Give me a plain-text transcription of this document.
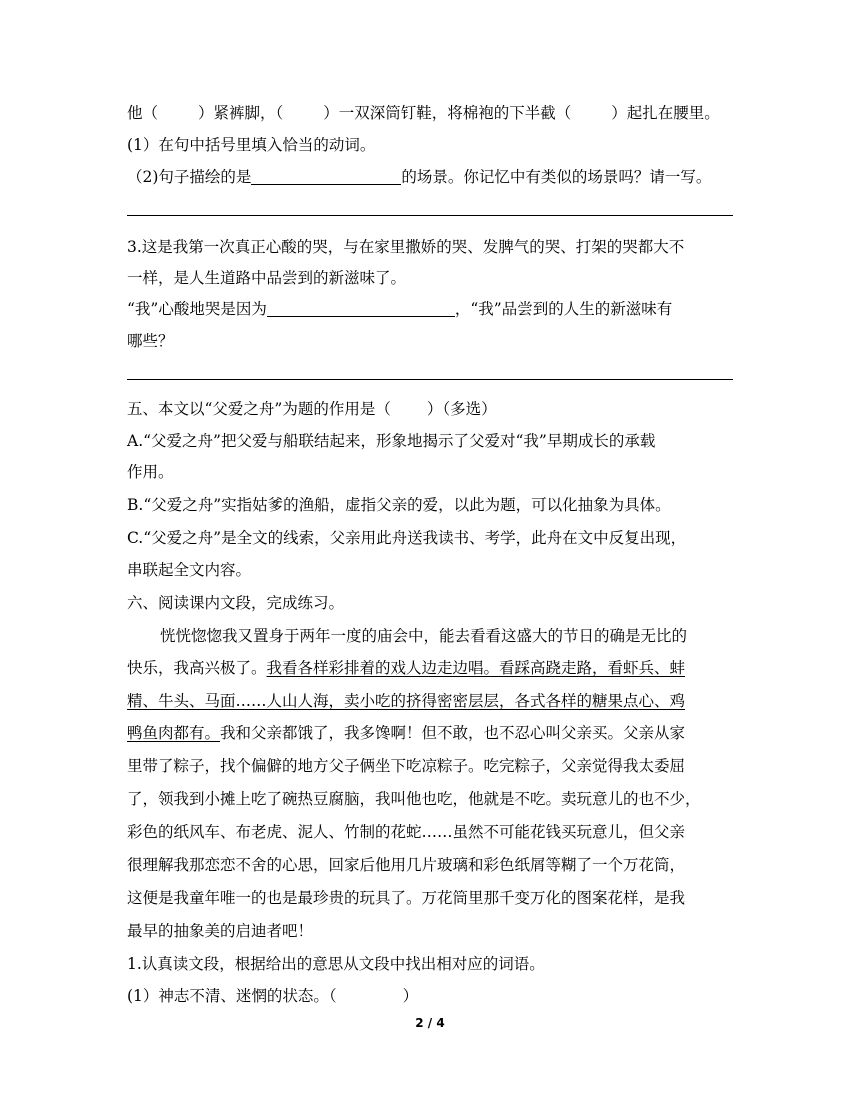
他（	）紧裤脚，（	）一双深筒钉鞋，将棉袍的下半截（	）起扎在腰里。
(1）在句中括号里填入恰当的动词。
（2)句子描绘的是	的场景。你记忆中有类似的场景吗？请一写。
3.这是我第一次真正心酸的哭，与在家里撒娇的哭、发脾气的哭、打架的哭都大不
一样，是人生道路中品尝到的新滋味了。
“我”心酸地哭是因为	，“我”品尝到的人生的新滋味有
哪些？
五、本文以“父爱之舟”为题的作用是（ ）（多选）
A.“父爱之舟”把父爱与船联结起来，形象地揭示了父爱对“我”早期成长的承载
作用。
B.“父爱之舟”实指姑爹的渔船，虚指父亲的爱，以此为题，可以化抽象为具体。
C.“父爱之舟”是全文的线索，父亲用此舟送我读书、考学，此舟在文中反复出现，
串联起全文内容。
六、阅读课内文段，完成练习。
恍恍惚惚我又置身于两年一度的庙会中，能去看看这盛大的节日的确是无比的
快乐，我高兴极了。我看各样彩排着的戏人边走边唱。看踩高跷走路，看虾兵、蚌
精、牛头、马面……人山人海，卖小吃的挤得密密层层，各式各样的糖果点心、鸡
鸭鱼肉都有。我和父亲都饿了，我多馋啊！但不敢，也不忍心叫父亲买。父亲从家
里带了粽子，找个偏僻的地方父子俩坐下吃凉粽子。吃完粽子，父亲觉得我太委屈
了，领我到小摊上吃了碗热豆腐脑，我叫他也吃，他就是不吃。卖玩意儿的也不少，
彩色的纸风车、布老虎、泥人、竹制的花蛇……虽然不可能花钱买玩意儿，但父亲
很理解我那恋恋不舍的心思，回家后他用几片玻璃和彩色纸屑等糊了一个万花筒，
这便是我童年唯一的也是最珍贵的玩具了。万花筒里那千变万化的图案花样，是我
最早的抽象美的启迪者吧！
1.认真读文段，根据给出的意思从文段中找出相对应的词语。
(1）神志不清、迷惘的状态。（	）
2 / 4
